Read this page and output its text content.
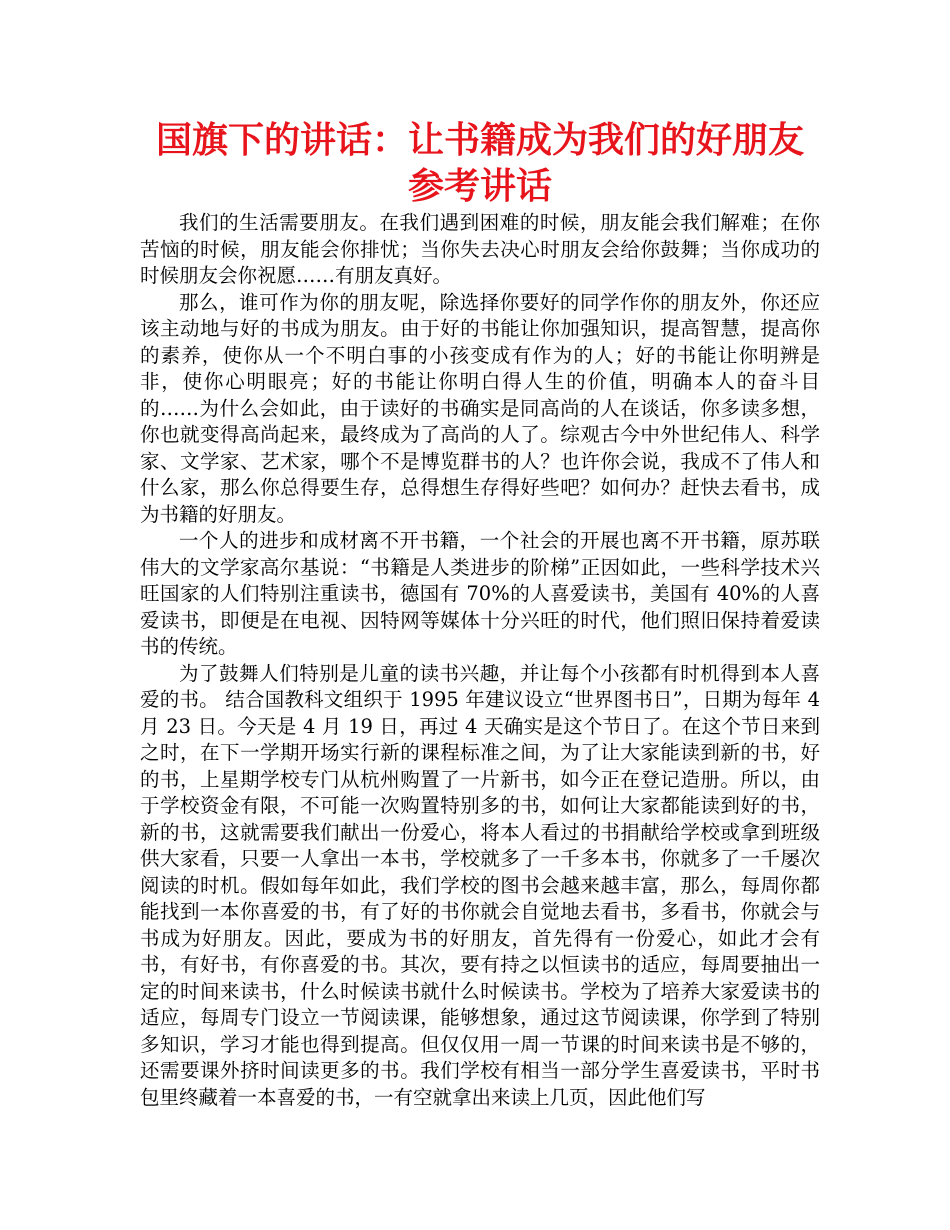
国旗下的讲话：让书籍成为我们的好朋友
参考讲话

我们的生活需要朋友。在我们遇到困难的时候，朋友能会我们解难；在你苦恼的时候，朋友能会你排忧；当你失去决心时朋友会给你鼓舞；当你成功的时候朋友会你祝愿……有朋友真好。

那么，谁可作为你的朋友呢，除选择你要好的同学作你的朋友外，你还应该主动地与好的书成为朋友。由于好的书能让你加强知识，提高智慧，提高你的素养，使你从一个不明白事的小孩变成有作为的人；好的书能让你明辨是非，使你心明眼亮；好的书能让你明白得人生的价值，明确本人的奋斗目的……为什么会如此，由于读好的书确实是同高尚的人在谈话，你多读多想，你也就变得高尚起来，最终成为了高尚的人了。综观古今中外世纪伟人、科学家、文学家、艺术家，哪个不是博览群书的人？也许你会说，我成不了伟人和什么家，那么你总得要生存，总得想生存得好些吧？如何办？赶快去看书，成为书籍的好朋友。

一个人的进步和成材离不开书籍，一个社会的开展也离不开书籍，原苏联伟大的文学家高尔基说：“书籍是人类进步的阶梯”正因如此，一些科学技术兴旺国家的人们特别注重读书，德国有 70%的人喜爱读书，美国有 40%的人喜爱读书，即便是在电视、因特网等媒体十分兴旺的时代，他们照旧保持着爱读书的传统。

为了鼓舞人们特别是儿童的读书兴趣，并让每个小孩都有时机得到本人喜爱的书。 结合国教科文组织于 1995 年建议设立“世界图书日”，日期为每年 4 月 23 日。今天是 4 月 19 日，再过 4 天确实是这个节日了。在这个节日来到之时，在下一学期开场实行新的课程标准之间，为了让大家能读到新的书，好的书，上星期学校专门从杭州购置了一片新书，如今正在登记造册。所以，由于学校资金有限，不可能一次购置特别多的书，如何让大家都能读到好的书，新的书，这就需要我们献出一份爱心，将本人看过的书捐献给学校或拿到班级供大家看，只要一人拿出一本书，学校就多了一千多本书，你就多了一千屡次阅读的时机。假如每年如此，我们学校的图书会越来越丰富，那么，每周你都能找到一本你喜爱的书，有了好的书你就会自觉地去看书，多看书，你就会与书成为好朋友。因此，要成为书的好朋友，首先得有一份爱心，如此才会有书，有好书，有你喜爱的书。其次，要有持之以恒读书的适应，每周要抽出一定的时间来读书，什么时候读书就什么时候读书。学校为了培养大家爱读书的适应，每周专门设立一节阅读课，能够想象，通过这节阅读课，你学到了特别多知识，学习才能也得到提高。但仅仅用一周一节课的时间来读书是不够的，还需要课外挤时间读更多的书。我们学校有相当一部分学生喜爱读书，平时书包里终藏着一本喜爱的书，一有空就拿出来读上几页，因此他们写
